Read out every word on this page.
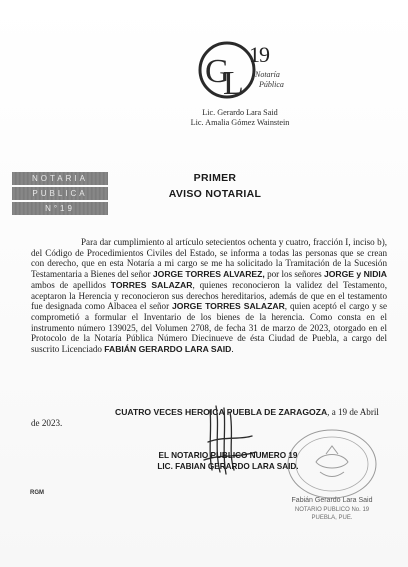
G
L
19
Notaría
Pública
Lic. Gerardo Lara Said
Lic. Amalia Gómez Wainstein
NOTARIA
PUBLICA
N°19
PRIMER
AVISO NOTARIAL
Para dar cumplimiento al artículo setecientos ochenta y cuatro, fracción I, inciso b), del Código de Procedimientos Civiles del Estado, se informa a todas las personas que se crean con derecho, que en esta Notaría a mi cargo se me ha solicitado la Tramitación de la Sucesión Testamentaria a Bienes del señor JORGE TORRES ALVAREZ, por los señores JORGE y NIDIA ambos de apellidos TORRES SALAZAR, quienes reconocieron la validez del Testamento, aceptaron la Herencia y reconocieron sus derechos hereditarios, además de que en el testamento fue designada como Albacea el señor JORGE TORRES SALAZAR, quien aceptó el cargo y se comprometió a formular el Inventario de los bienes de la herencia. Como consta en el instrumento número 139025, del Volumen 2708, de fecha 31 de marzo de 2023, otorgado en el Protocolo de la Notaría Pública Número Diecinueve de ésta Ciudad de Puebla, a cargo del suscrito Licenciado FABIÁN GERARDO LARA SAID.
CUATRO VECES HEROICA PUEBLA DE ZARAGOZA, a 19 de Abril de 2023.
EL NOTARIO PUBLICO NUMERO 19
LIC. FABIAN GERARDO LARA SAID.
Fabián Gerardo Lara Said
NOTARIO PUBLICO No. 19
PUEBLA, PUE.
RGM
